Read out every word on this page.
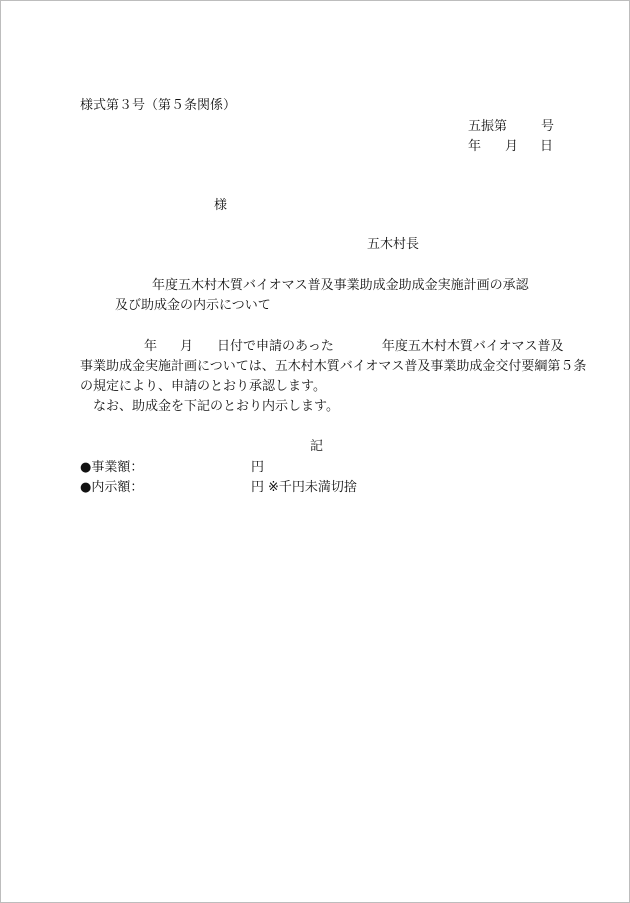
様式第３号（第５条関係）
五振第	号
年 月 日
様
五木村長
年度五木村木質バイオマス普及事業助成金助成金実施計画の承認
及び助成金の内示について
年 月 日付で申請のあった	年度五木村木質バイオマス普及
事業助成金実施計画については、五木村木質バイオマス普及事業助成金交付要綱第５条
の規定により、申請のとおり承認します。
なお、助成金を下記のとおり内示します。
記
●事業額：	円
●内示額：	円 ※千円未満切捨
